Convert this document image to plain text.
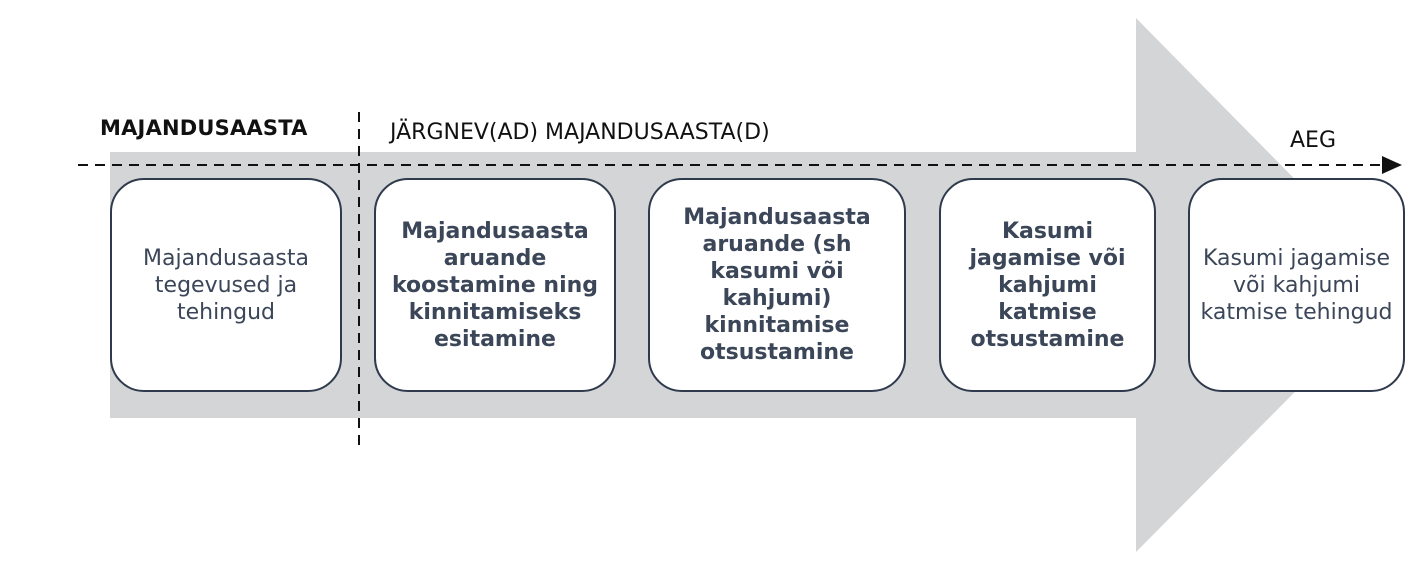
MAJANDUSAASTA	JÄRGNEV(AD) MAJANDUSAASTA(D)	AEG
Majandusaasta tegevused ja tehingud
Majandusaasta aruande koostamine ning kinnitamiseks esitamine
Majandusaasta aruande (sh kasumi või kahjumi) kinnitamise otsustamine
Kasumi jagamise või kahjumi katmise otsustamine
Kasumi jagamise või kahjumi katmise tehingud
